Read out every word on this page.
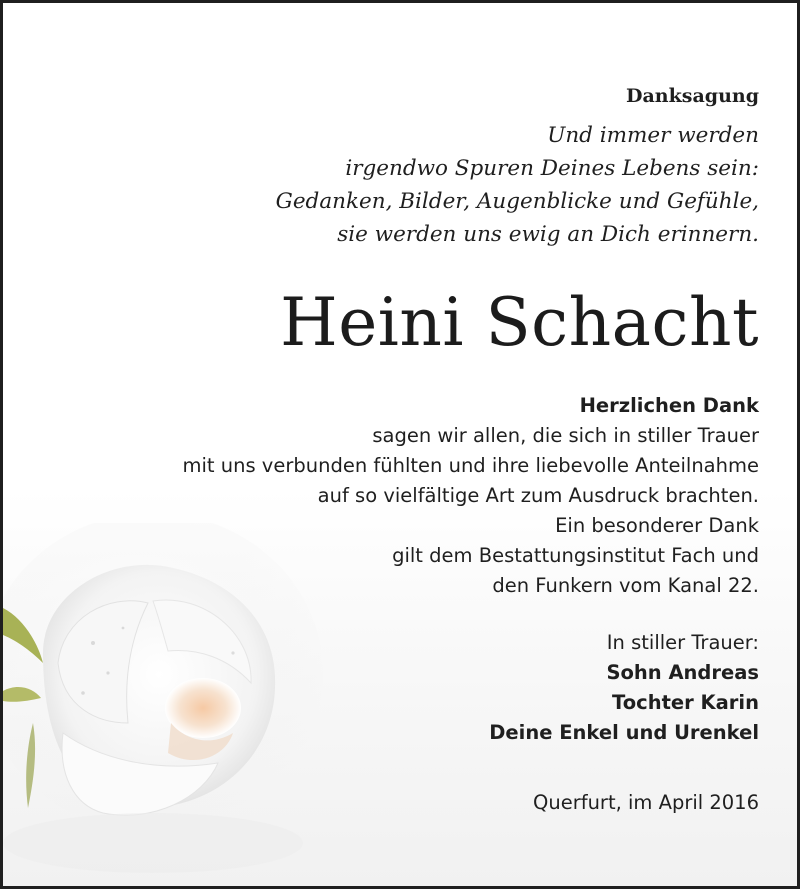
Danksagung
Und immer werden
irgendwo Spuren Deines Lebens sein:
Gedanken, Bilder, Augenblicke und Gefühle,
sie werden uns ewig an Dich erinnern.
Heini Schacht
Herzlichen Dank
sagen wir allen, die sich in stiller Trauer
mit uns verbunden fühlten und ihre liebevolle Anteilnahme
auf so vielfältige Art zum Ausdruck brachten.
Ein besonderer Dank
gilt dem Bestattungsinstitut Fach und
den Funkern vom Kanal 22.
In stiller Trauer:
Sohn Andreas
Tochter Karin
Deine Enkel und Urenkel
Querfurt, im April 2016
